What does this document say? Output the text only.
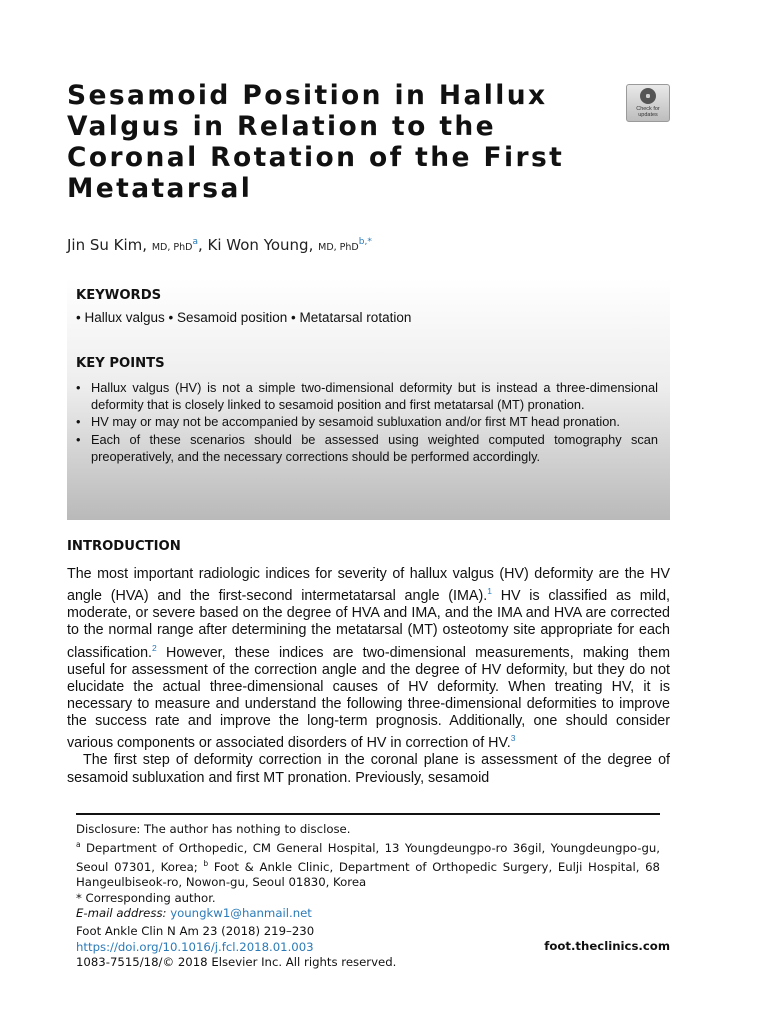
Sesamoid Position in Hallux
Valgus in Relation to the
Coronal Rotation of the First
Metatarsal
Check for updates
Jin Su Kim, MD, PhD$^a$, Ki Won Young, MD, PhD$^{b,*}$
KEYWORDS
• Hallux valgus • Sesamoid position • Metatarsal rotation
KEY POINTS
• Hallux valgus (HV) is not a simple two-dimensional deformity but is instead a three-dimensional deformity that is closely linked to sesamoid position and first metatarsal (MT) pronation.
• HV may or may not be accompanied by sesamoid subluxation and/or first MT head pronation.
• Each of these scenarios should be assessed using weighted computed tomography scan preoperatively, and the necessary corrections should be performed accordingly.
INTRODUCTION

The most important radiologic indices for severity of hallux valgus (HV) deformity are the HV angle (HVA) and the first-second intermetatarsal angle (IMA).$^1$ HV is classified as mild, moderate, or severe based on the degree of HVA and IMA, and the IMA and HVA are corrected to the normal range after determining the metatarsal (MT) osteotomy site appropriate for each classification.$^2$ However, these indices are two-dimensional measurements, making them useful for assessment of the correction angle and the degree of HV deformity, but they do not elucidate the actual three-dimensional causes of HV deformity. When treating HV, it is necessary to measure and understand the following three-dimensional deformities to improve the success rate and improve the long-term prognosis. Additionally, one should consider various components or associated disorders of HV in correction of HV.$^3$

The first step of deformity correction in the coronal plane is assessment of the degree of sesamoid subluxation and first MT pronation. Previously, sesamoid

Disclosure: The author has nothing to disclose.

$^a$ Department of Orthopedic, CM General Hospital, 13 Youngdeungpo-ro 36gil, Youngdeungpo-gu, Seoul 07301, Korea; $^b$ Foot & Ankle Clinic, Department of Orthopedic Surgery, Eulji Hospital, 68 Hangeulbiseok-ro, Nowon-gu, Seoul 01830, Korea

* Corresponding author.

E-mail address: youngkw1@hanmail.net

Foot Ankle Clin N Am 23 (2018) 219–230
https://doi.org/10.1016/j.fcl.2018.01.003
1083-7515/18/© 2018 Elsevier Inc. All rights reserved.
foot.theclinics.com
